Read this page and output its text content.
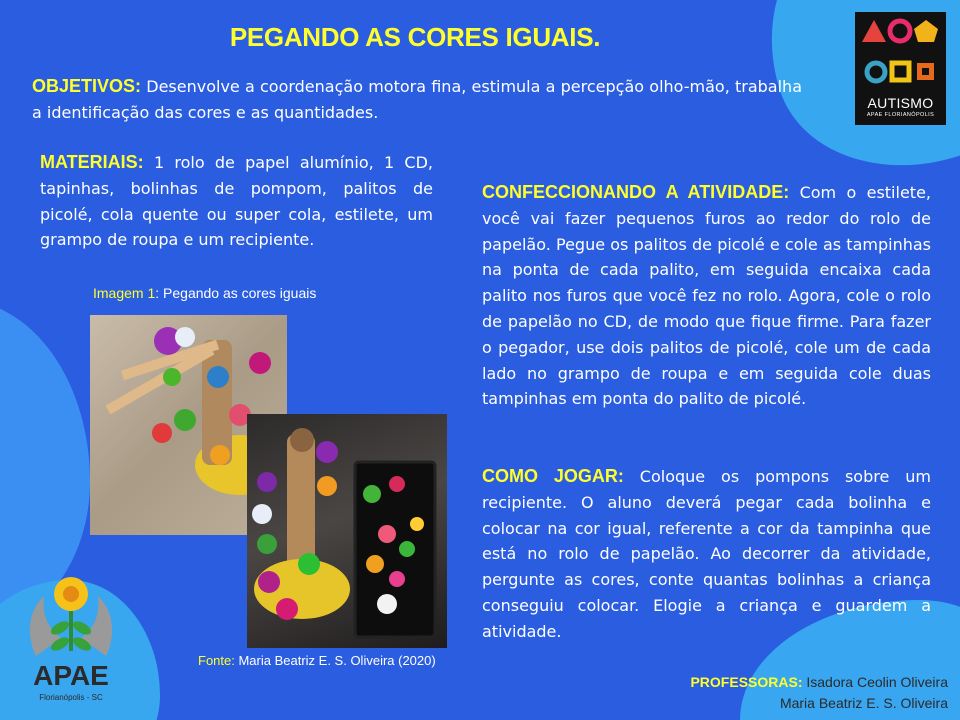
PEGANDO AS CORES IGUAIS.

OBJETIVOS: Desenvolve a coordenação motora fina, estimula a percepção olho-mão, trabalha a identificação das cores e as quantidades.

MATERIAIS: 1 rolo de papel alumínio, 1 CD, tapinhas, bolinhas de pompom, palitos de picolé, cola quente ou super cola, estilete, um grampo de roupa e um recipiente.

CONFECCIONANDO A ATIVIDADE: Com o estilete, você vai fazer pequenos furos ao redor do rolo de papelão. Pegue os palitos de picolé e cole as tampinhas na ponta de cada palito, em seguida encaixa cada palito nos furos que você fez no rolo. Agora, cole o rolo de papelão no CD, de modo que fique firme. Para fazer o pegador, use dois palitos de picolé, cole um de cada lado no grampo de roupa e em seguida cole duas tampinhas em ponta do palito de picolé.

COMO JOGAR: Coloque os pompons sobre um recipiente. O aluno deverá pegar cada bolinha e colocar na cor igual, referente a cor da tampinha que está no rolo de papelão. Ao decorrer da atividade, pergunte as cores, conte quantas bolinhas a criança conseguiu colocar. Elogie a criança e guardem a atividade.

Imagem 1: Pegando as cores iguais
Fonte: Maria Beatriz E. S. Oliveira (2020)
AUTISMO
APAE FLORIANÓPOLIS
APAE
Florianópolis - SC
PROFESSORAS: Isadora Ceolin Oliveira
Maria Beatriz E. S. Oliveira
